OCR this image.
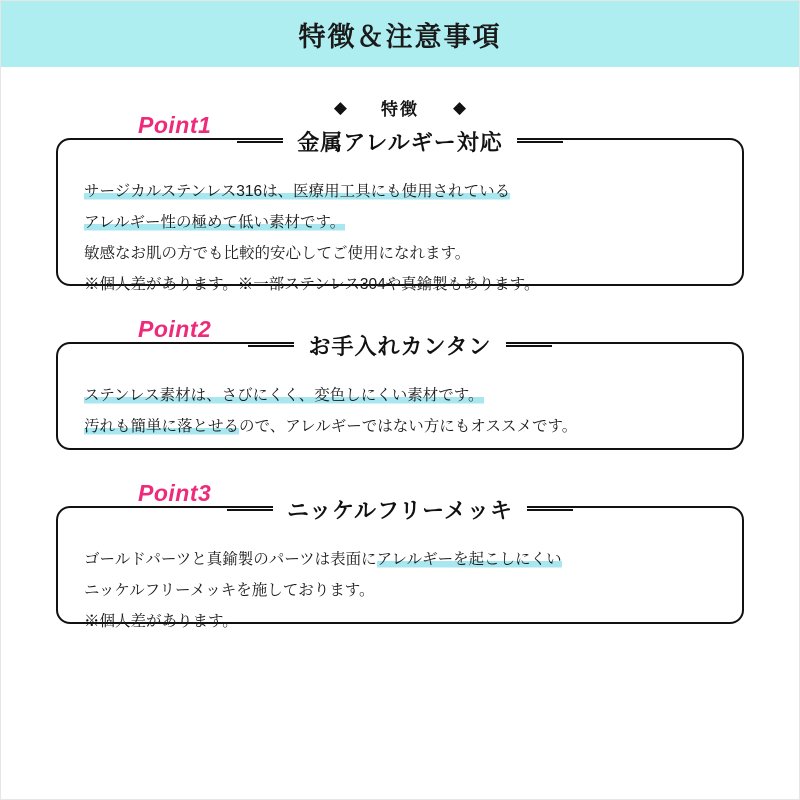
特徴＆注意事項
◆ 特徴 ◆
Point1
金属アレルギー対応
サージカルステンレス316は、医療用工具にも使用されている
アレルギー性の極めて低い素材です。
敏感なお肌の方でも比較的安心してご使用になれます。
※個人差があります。※一部ステンレス304や真鍮製もあります。
Point2
お手入れカンタン
ステンレス素材は、さびにくく、変色しにくい素材です。
汚れも簡単に落とせるので、アレルギーではない方にもオススメです。
Point3
ニッケルフリーメッキ
ゴールドパーツと真鍮製のパーツは表面にアレルギーを起こしにくい
ニッケルフリーメッキを施しております。
※個人差があります。
